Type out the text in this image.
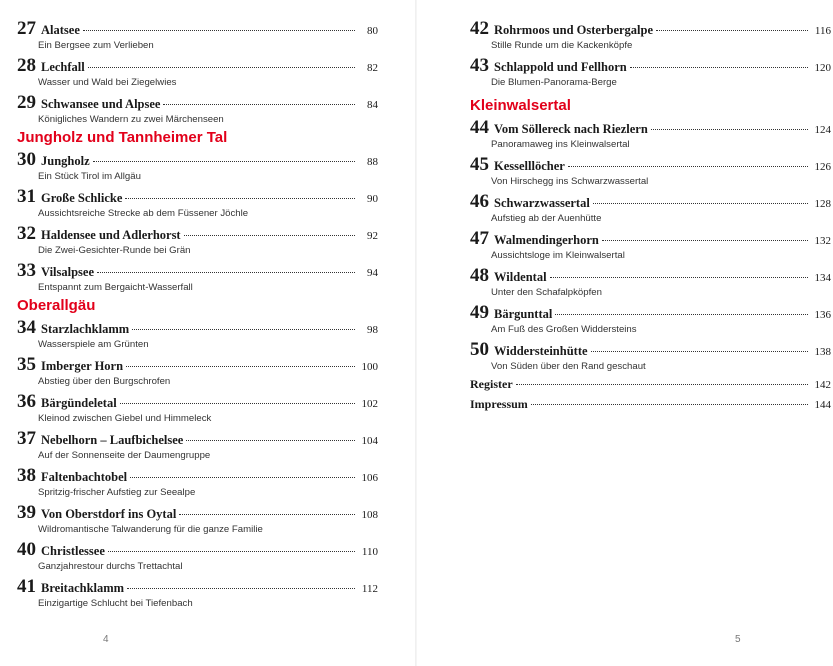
27 Alatsee	80
Ein Bergsee zum Verlieben
28 Lechfall	82
Wasser und Wald bei Ziegelwies
29 Schwansee und Alpsee	84
Königliches Wandern zu zwei Märchenseen
Jungholz und Tannheimer Tal
30 Jungholz	88
Ein Stück Tirol im Allgäu
31 Große Schlicke	90
Aussichtsreiche Strecke ab dem Füssener Jöchle
32 Haldensee und Adlerhorst	92
Die Zwei-Gesichter-Runde bei Grän
33 Vilsalpsee	94
Entspannt zum Bergaicht-Wasserfall
Oberallgäu
34 Starzlachklamm	98
Wasserspiele am Grünten
35 Imberger Horn	100
Abstieg über den Burgschrofen
36 Bärgündeletal	102
Kleinod zwischen Giebel und Himmeleck
37 Nebelhorn – Laufbichelsee	104
Auf der Sonnenseite der Daumengruppe
38 Faltenbachtobel	106
Spritzig-frischer Aufstieg zur Seealpe
39 Von Oberstdorf ins Oytal	108
Wildromantische Talwanderung für die ganze Familie
40 Christlessee	110
Ganzjahrestour durchs Trettachtal
41 Breitachklamm	112
Einzigartige Schlucht bei Tiefenbach
4
42 Rohrmoos und Osterbergalpe	116
Stille Runde um die Kackenköpfe
43 Schlappold und Fellhorn	120
Die Blumen-Panorama-Berge
Kleinwalsertal
44 Vom Söllereck nach Riezlern	124
Panoramaweg ins Kleinwalsertal
45 Kesselllöcher	126
Von Hirschegg ins Schwarzwassertal
46 Schwarzwassertal	128
Aufstieg ab der Auenhütte
47 Walmendingerhorn	132
Aussichtsloge im Kleinwalsertal
48 Wildental	134
Unter den Schafalpköpfen
49 Bärgunttal	136
Am Fuß des Großen Widdersteins
50 Widdersteinhütte	138
Von Süden über den Rand geschaut
Register	142
Impressum	144
5
